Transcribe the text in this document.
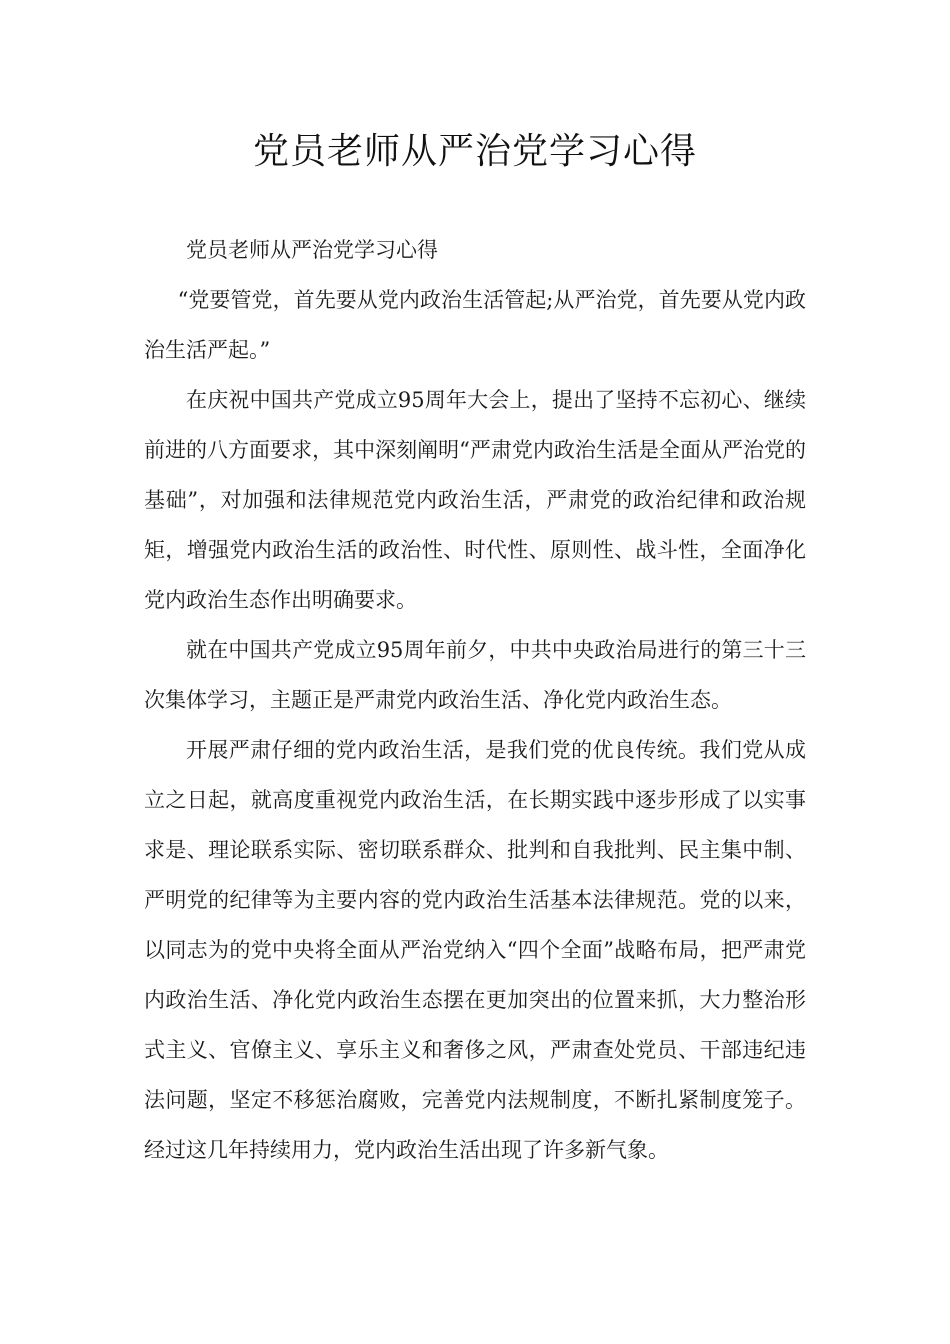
党员老师从严治党学习心得

党员老师从严治党学习心得

“党要管党，首先要从党内政治生活管起;从严治党，首先要从党内政治生活严起。”

在庆祝中国共产党成立95周年大会上，提出了坚持不忘初心、继续前进的八方面要求，其中深刻阐明“严肃党内政治生活是全面从严治党的基础”，对加强和法律规范党内政治生活，严肃党的政治纪律和政治规矩，增强党内政治生活的政治性、时代性、原则性、战斗性，全面净化党内政治生态作出明确要求。

就在中国共产党成立95周年前夕，中共中央政治局进行的第三十三次集体学习，主题正是严肃党内政治生活、净化党内政治生态。

开展严肃仔细的党内政治生活，是我们党的优良传统。我们党从成立之日起，就高度重视党内政治生活，在长期实践中逐步形成了以实事求是、理论联系实际、密切联系群众、批判和自我批判、民主集中制、严明党的纪律等为主要内容的党内政治生活基本法律规范。党的以来，以同志为的党中央将全面从严治党纳入“四个全面”战略布局，把严肃党内政治生活、净化党内政治生态摆在更加突出的位置来抓，大力整治形式主义、官僚主义、享乐主义和奢侈之风，严肃查处党员、干部违纪违法问题，坚定不移惩治腐败，完善党内法规制度，不断扎紧制度笼子。经过这几年持续用力，党内政治生活出现了许多新气象。
